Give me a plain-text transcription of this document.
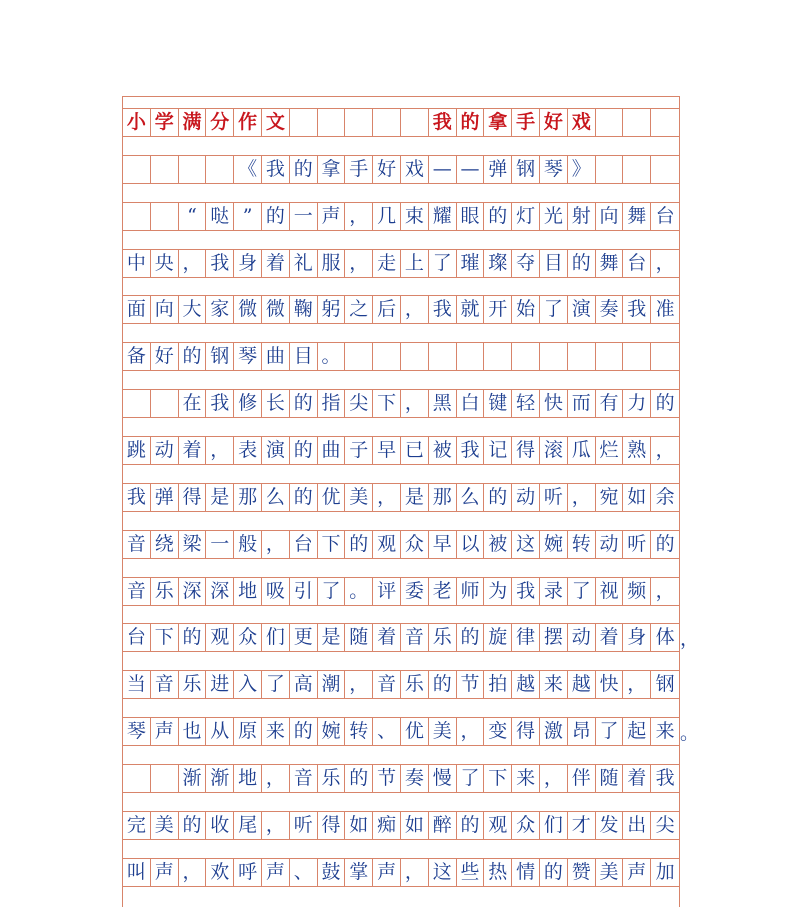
小 学 满 分 作 文	我 的 拿 手 好 戏
《 我 的 拿 手 好 戏 — — 弹 钢 琴 》
“ 哒 ” 的 一 声 ， 几 束 耀 眼 的 灯 光 射 向 舞 台
中 央 ， 我 身 着 礼 服 ， 走 上 了 璀 璨 夺 目 的 舞 台 ，
面 向 大 家 微 微 鞠 躬 之 后 ， 我 就 开 始 了 演 奏 我 准
备 好 的 钢 琴 曲 目 。
在 我 修 长 的 指 尖 下 ， 黑 白 键 轻 快 而 有 力 的
跳 动 着 ， 表 演 的 曲 子 早 已 被 我 记 得 滚 瓜 烂 熟 ，
我 弹 得 是 那 么 的 优 美 ， 是 那 么 的 动 听 ， 宛 如 余
音 绕 梁 一 般 ， 台 下 的 观 众 早 以 被 这 婉 转 动 听 的
音 乐 深 深 地 吸 引 了 。 评 委 老 师 为 我 录 了 视 频 ，
台 下 的 观 众 们 更 是 随 着 音 乐 的 旋 律 摆 动 着 身 体 ，
当 音 乐 进 入 了 高 潮 ， 音 乐 的 节 拍 越 来 越 快 ， 钢
琴 声 也 从 原 来 的 婉 转 、 优 美 ， 变 得 激 昂 了 起 来 。
渐 渐 地 ， 音 乐 的 节 奏 慢 了 下 来 ， 伴 随 着 我
完 美 的 收 尾 ， 听 得 如 痴 如 醉 的 观 众 们 才 发 出 尖
叫 声 ， 欢 呼 声 、 鼓 掌 声 ， 这 些 热 情 的 赞 美 声 加
